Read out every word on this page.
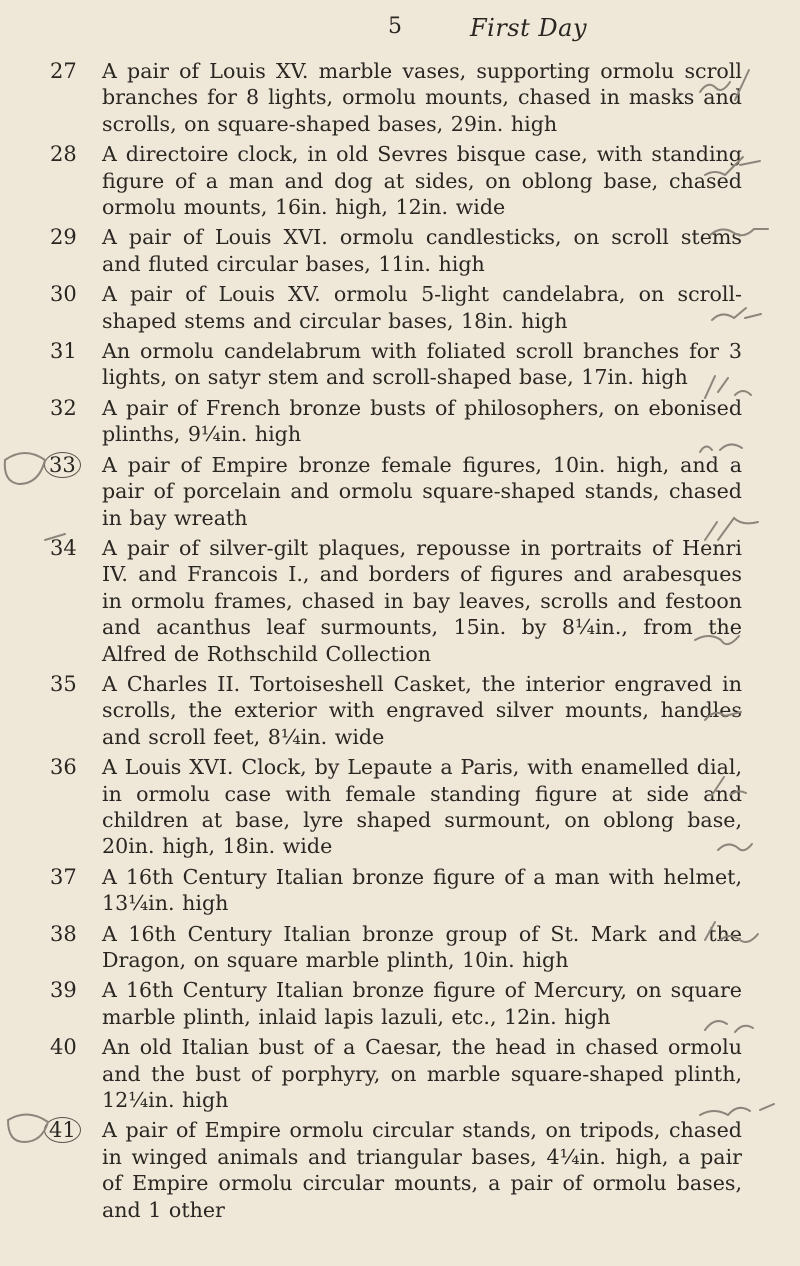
5	First Day
27	A pair of Louis XV. marble vases, supporting ormolu scroll branches for 8 lights, ormolu mounts, chased in masks and scrolls, on square-shaped bases, 29in. high
28	A directoire clock, in old Sevres bisque case, with standing figure of a man and dog at sides, on oblong base, chased ormolu mounts, 16in. high, 12in. wide
29	A pair of Louis XVI. ormolu candlesticks, on scroll stems and fluted circular bases, 11in. high
30	A pair of Louis XV. ormolu 5-light candelabra, on scroll-shaped stems and circular bases, 18in. high
31	An ormolu candelabrum with foliated scroll branches for 3 lights, on satyr stem and scroll-shaped base, 17in. high
32	A pair of French bronze busts of philosophers, on ebonised plinths, 9¼in. high
33	A pair of Empire bronze female figures, 10in. high, and a pair of porcelain and ormolu square-shaped stands, chased in bay wreath
34	A pair of silver-gilt plaques, repousse in portraits of Henri IV. and Francois I., and borders of figures and arabesques in ormolu frames, chased in bay leaves, scrolls and festoon and acanthus leaf surmounts, 15in. by 8¼in., from the Alfred de Rothschild Collection
35	A Charles II. Tortoiseshell Casket, the interior engraved in scrolls, the exterior with engraved silver mounts, handles and scroll feet, 8¼in. wide
36	A Louis XVI. Clock, by Lepaute a Paris, with enamelled dial, in ormolu case with female standing figure at side and children at base, lyre shaped surmount, on oblong base, 20in. high, 18in. wide
37	A 16th Century Italian bronze figure of a man with helmet, 13¼in. high
38	A 16th Century Italian bronze group of St. Mark and the Dragon, on square marble plinth, 10in. high
39	A 16th Century Italian bronze figure of Mercury, on square marble plinth, inlaid lapis lazuli, etc., 12in. high
40	An old Italian bust of a Caesar, the head in chased ormolu and the bust of porphyry, on marble square-shaped plinth, 12¼in. high
41	A pair of Empire ormolu circular stands, on tripods, chased in winged animals and triangular bases, 4¼in. high, a pair of Empire ormolu circular mounts, a pair of ormolu bases, and 1 other
